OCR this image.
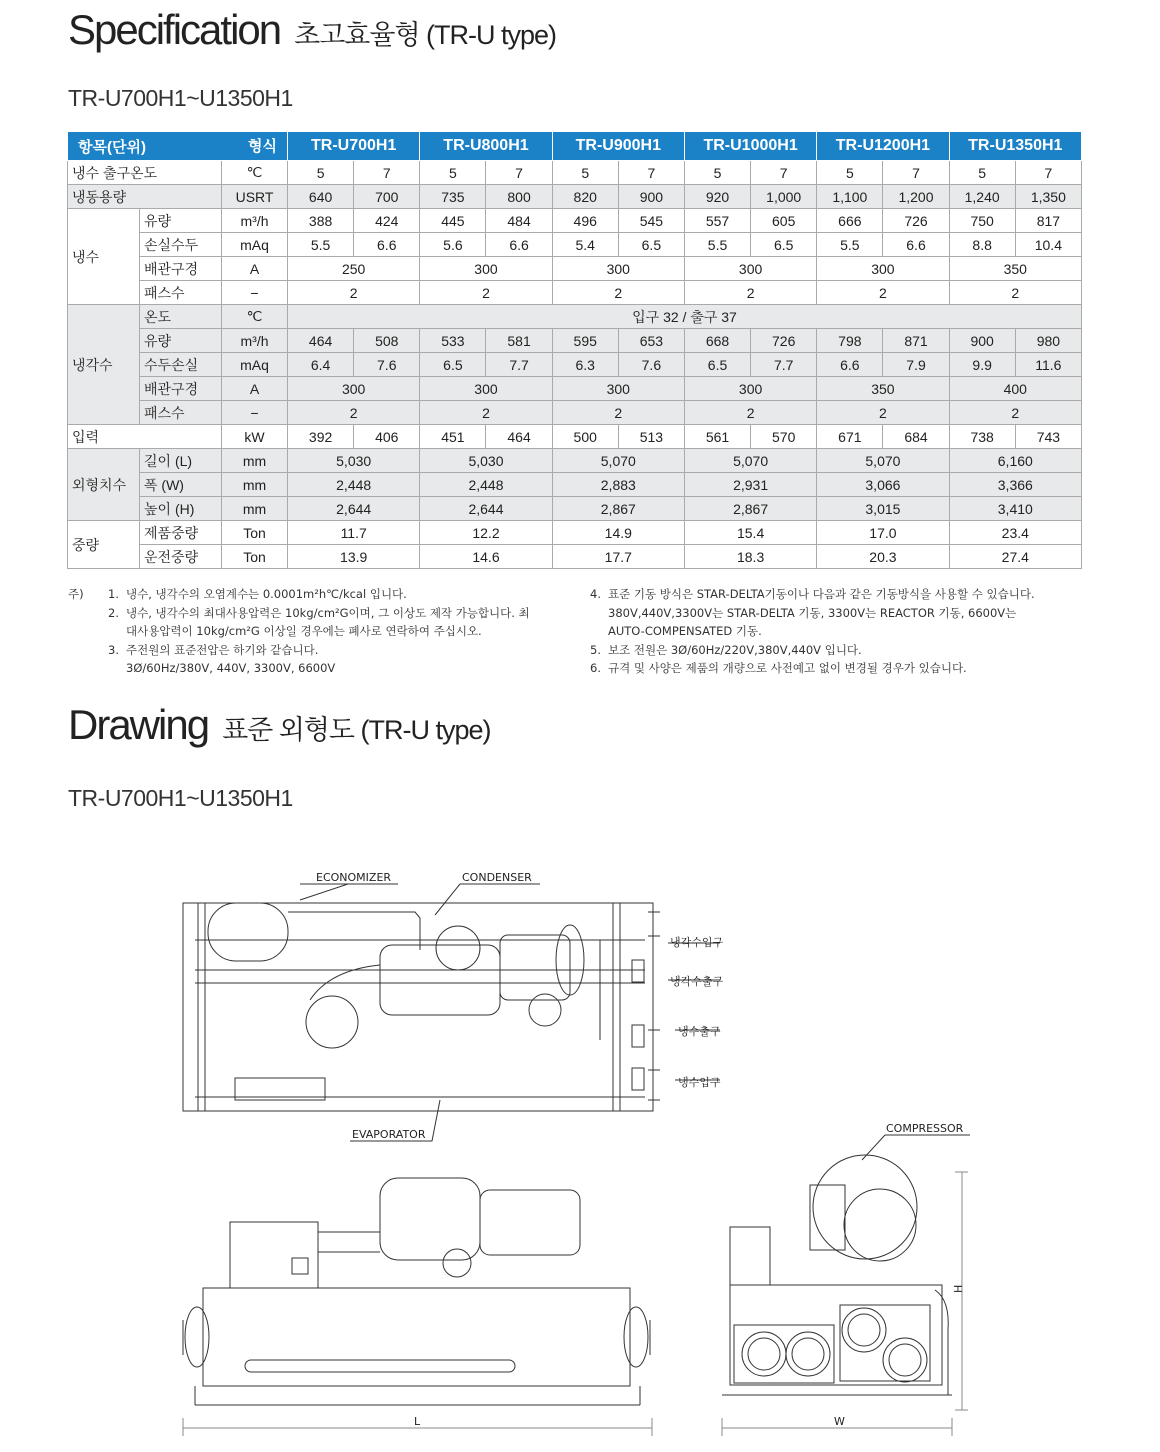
Specification 초고효율형 (TR-U type)
TR-U700H1~U1350H1
항목(단위) 형식			TR-U700H1		TR-U800H1		TR-U900H1		TR-U1000H1		TR-U1200H1		TR-U1350H1	
냉수 출구온도		℃	5	7	5	7	5	7	5	7	5	7	5	7
냉동용량		USRT	640	700	735	800	820	900	920	1,000	1,100	1,200	1,240	1,350
냉수	유량	m³/h	388	424	445	484	496	545	557	605	666	726	750	817
	손실수두	mAq	5.5	6.6	5.6	6.6	5.4	6.5	5.5	6.5	5.5	6.6	8.8	10.4
	배관구경	A	250		300		300		300		300		350	
	패스수	−	2		2		2		2		2		2	
냉각수	온도	℃	입구 32 / 출구 37											
	유량	m³/h	464	508	533	581	595	653	668	726	798	871	900	980
	수두손실	mAq	6.4	7.6	6.5	7.7	6.3	7.6	6.5	7.7	6.6	7.9	9.9	11.6
	배관구경	A	300		300		300		300		350		400	
	패스수	−	2		2		2		2		2		2	
입력		kW	392	406	451	464	500	513	561	570	671	684	738	743
외형치수	길이 (L)	mm	5,030		5,030		5,070		5,070		5,070		6,160	
	폭 (W)	mm	2,448		2,448		2,883		2,931		3,066		3,366	
	높이 (H)	mm	2,644		2,644		2,867		2,867		3,015		3,410	
중량	제품중량	Ton	11.7		12.2		14.9		15.4		17.0		23.4	
	운전중량	Ton	13.9		14.6		17.7		18.3		20.3		27.4	
주) 1. 냉수, 냉각수의 오염계수는 0.0001m²h℃/kcal 입니다.
2. 냉수, 냉각수의 최대사용압력은 10kg/cm²G이며, 그 이상도 제작 가능합니다. 최
대사용압력이 10kg/cm²G 이상일 경우에는 폐사로 연락하여 주십시오.
3. 주전원의 표준전압은 하기와 같습니다.
3Ø/60Hz/380V, 440V, 3300V, 6600V
4. 표준 기동 방식은 STAR-DELTA기동이나 다음과 같은 기동방식을 사용할 수 있습니다.
380V,440V,3300V는 STAR-DELTA 기동, 3300V는 REACTOR 기동, 6600V는
AUTO-COMPENSATED 기동.
5. 보조 전원은 3Ø/60Hz/220V,380V,440V 입니다.
6. 규격 및 사양은 제품의 개량으로 사전예고 없이 변경될 경우가 있습니다.
Drawing 표준 외형도 (TR-U type)
TR-U700H1~U1350H1
ECONOMIZER	CONDENSER
EVAPORATOR	COMPRESSOR
냉각수입구
냉각수출구
냉수출구
냉수입구
L	W
H
